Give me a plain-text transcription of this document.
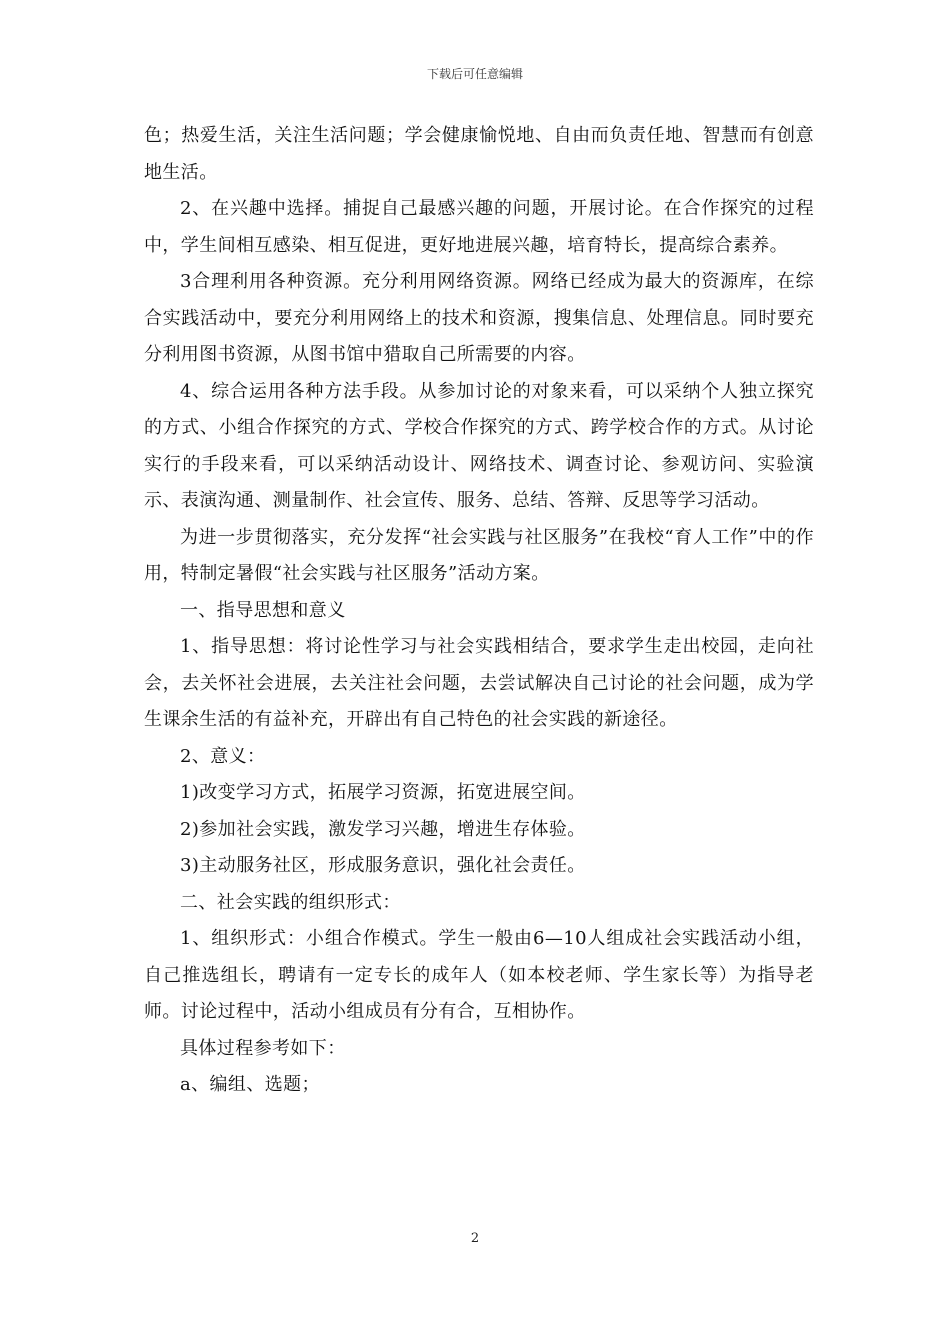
下载后可任意编辑

色；热爱生活，关注生活问题；学会健康愉悦地、自由而负责任地、智慧而有创意地生活。

2、在兴趣中选择。捕捉自己最感兴趣的问题，开展讨论。在合作探究的过程中，学生间相互感染、相互促进，更好地进展兴趣，培育特长，提高综合素养。

3合理利用各种资源。充分利用网络资源。网络已经成为最大的资源库，在综合实践活动中，要充分利用网络上的技术和资源，搜集信息、处理信息。同时要充分利用图书资源，从图书馆中猎取自己所需要的内容。

4、综合运用各种方法手段。从参加讨论的对象来看，可以采纳个人独立探究的方式、小组合作探究的方式、学校合作探究的方式、跨学校合作的方式。从讨论实行的手段来看，可以采纳活动设计、网络技术、调查讨论、参观访问、实验演示、表演沟通、测量制作、社会宣传、服务、总结、答辩、反思等学习活动。

为进一步贯彻落实，充分发挥“社会实践与社区服务”在我校“育人工作”中的作用，特制定暑假“社会实践与社区服务”活动方案。

一、指导思想和意义

1、指导思想：将讨论性学习与社会实践相结合，要求学生走出校园，走向社会，去关怀社会进展，去关注社会问题，去尝试解决自己讨论的社会问题，成为学生课余生活的有益补充，开辟出有自己特色的社会实践的新途径。

2、意义：

1)改变学习方式，拓展学习资源，拓宽进展空间。

2)参加社会实践，激发学习兴趣，增进生存体验。

3)主动服务社区，形成服务意识，强化社会责任。

二、社会实践的组织形式：

1、组织形式：小组合作模式。学生一般由6—10人组成社会实践活动小组，自己推选组长，聘请有一定专长的成年人（如本校老师、学生家长等）为指导老师。讨论过程中，活动小组成员有分有合，互相协作。

具体过程参考如下：

a、编组、选题；

2
